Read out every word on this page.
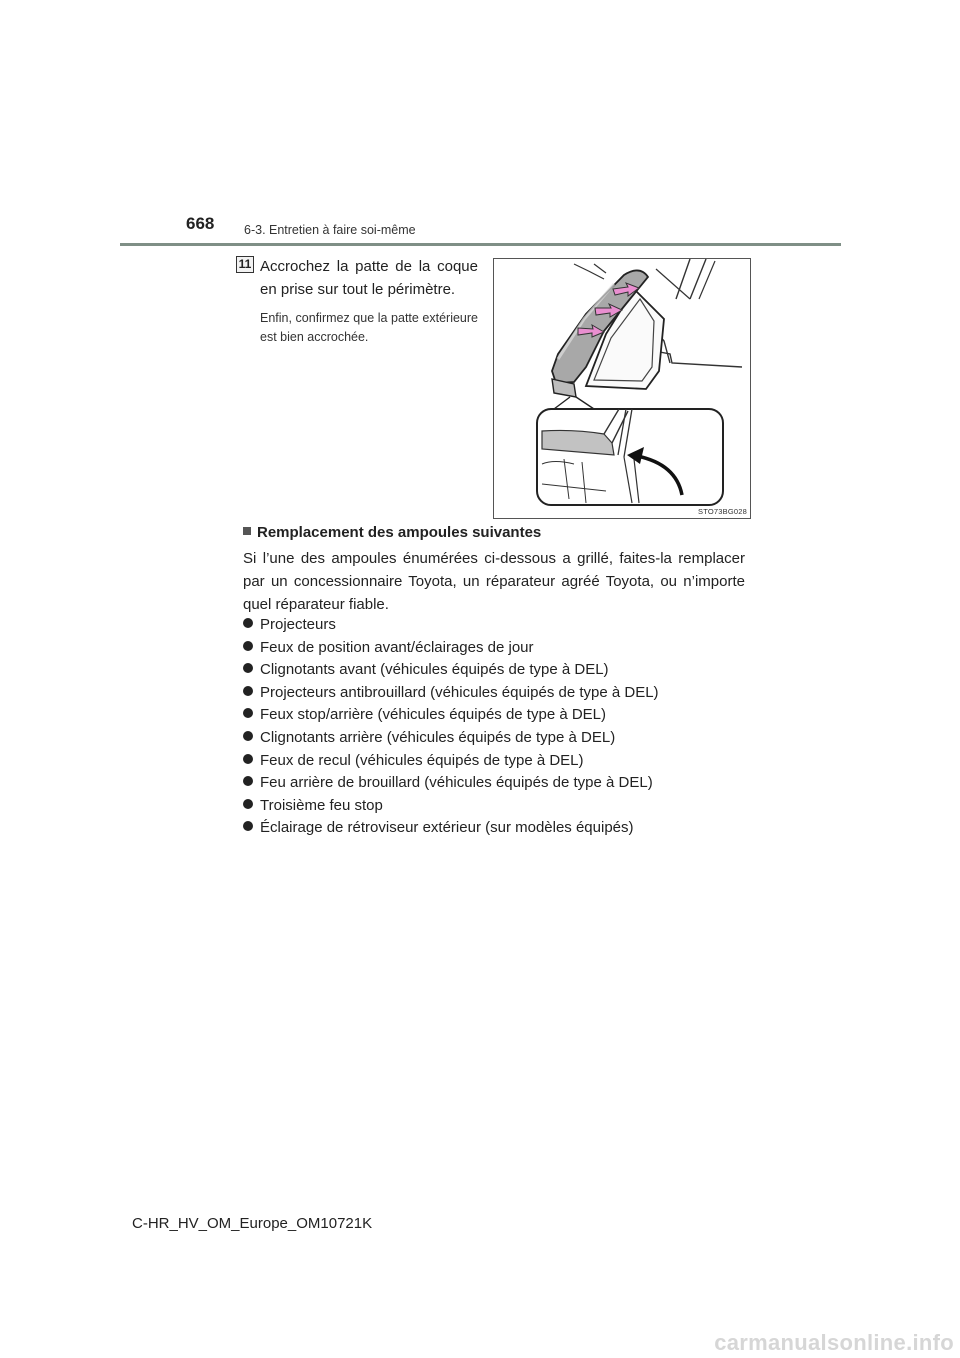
668 6-3. Entretien à faire soi-même
11 Accrochez la patte de la coque en prise sur tout le périmètre.
Enfin, confirmez que la patte extérieure est bien accrochée.
STO73BG028
Remplacement des ampoules suivantes
Si l’une des ampoules énumérées ci-dessous a grillé, faites-la remplacer par un concessionnaire Toyota, un réparateur agréé Toyota, ou n’importe quel réparateur fiable.
Projecteurs
Feux de position avant/éclairages de jour
Clignotants avant (véhicules équipés de type à DEL)
Projecteurs antibrouillard (véhicules équipés de type à DEL)
Feux stop/arrière (véhicules équipés de type à DEL)
Clignotants arrière (véhicules équipés de type à DEL)
Feux de recul (véhicules équipés de type à DEL)
Feu arrière de brouillard (véhicules équipés de type à DEL)
Troisième feu stop
Éclairage de rétroviseur extérieur (sur modèles équipés)
C-HR_HV_OM_Europe_OM10721K
carmanualsonline.info
